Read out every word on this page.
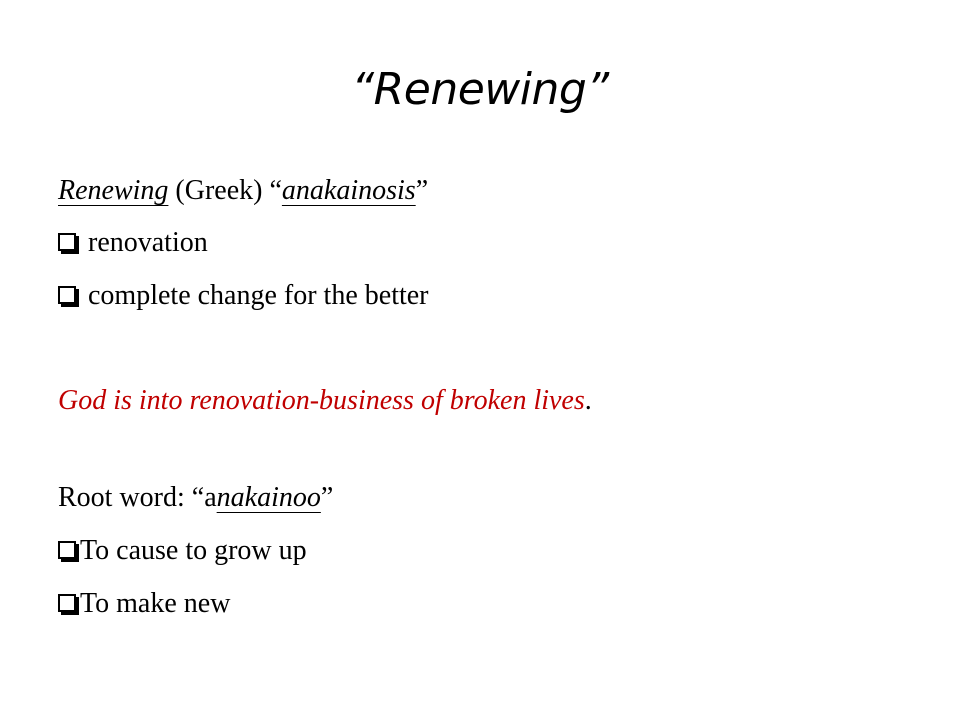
“Renewing”
Renewing (Greek) “anakainosis”
renovation
complete change for the better
God is into renovation-business of broken lives.
Root word: “anakainoo”
To cause to grow up
To make new
